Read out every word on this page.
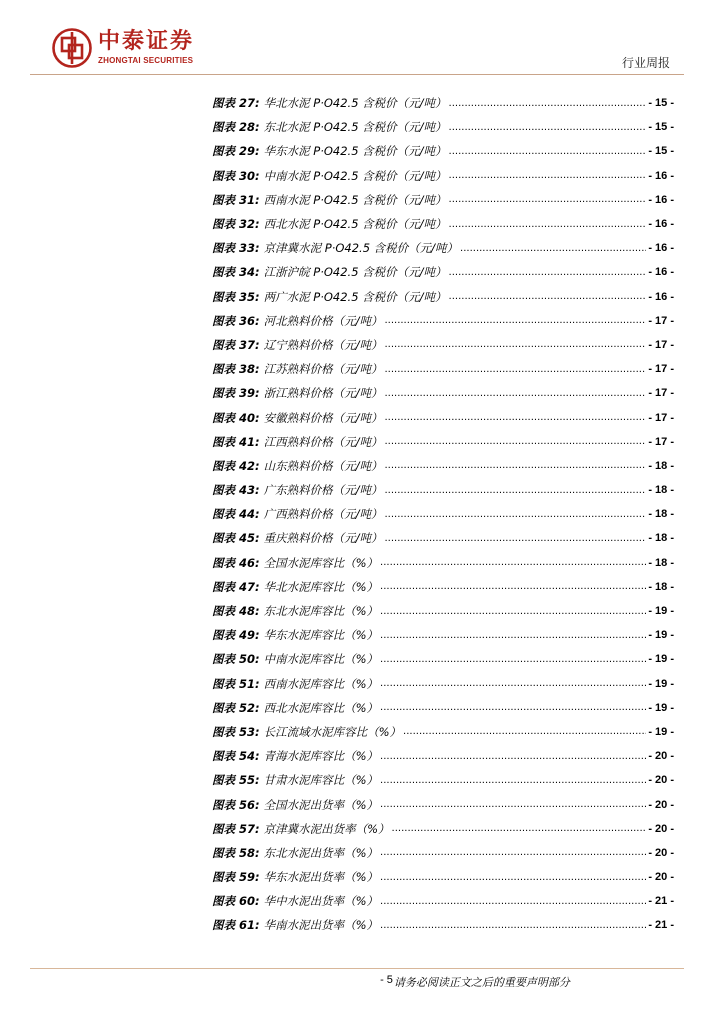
中泰证券
ZHONGTAI SECURITIES	行业周报
图表 27: 华北水泥 P·O42.5 含税价（元/吨） .....	- 15 -
图表 28: 东北水泥 P·O42.5 含税价（元/吨） .....	- 15 -
图表 29: 华东水泥 P·O42.5 含税价（元/吨） .....	- 15 -
图表 30: 中南水泥 P·O42.5 含税价（元/吨） .....	- 16 -
图表 31: 西南水泥 P·O42.5 含税价（元/吨） .....	- 16 -
图表 32: 西北水泥 P·O42.5 含税价（元/吨） .....	- 16 -
图表 33: 京津冀水泥 P·O42.5 含税价（元/吨） .....	- 16 -
图表 34: 江浙沪皖 P·O42.5 含税价（元/吨） .....	- 16 -
图表 35: 两广水泥 P·O42.5 含税价（元/吨） .....	- 16 -
图表 36: 河北熟料价格（元/吨） .....	- 17 -
图表 37: 辽宁熟料价格（元/吨） .....	- 17 -
图表 38: 江苏熟料价格（元/吨） .....	- 17 -
图表 39: 浙江熟料价格（元/吨） .....	- 17 -
图表 40: 安徽熟料价格（元/吨） .....	- 17 -
图表 41: 江西熟料价格（元/吨） .....	- 17 -
图表 42: 山东熟料价格（元/吨） .....	- 18 -
图表 43: 广东熟料价格（元/吨） .....	- 18 -
图表 44: 广西熟料价格（元/吨） .....	- 18 -
图表 45: 重庆熟料价格（元/吨） .....	- 18 -
图表 46: 全国水泥库容比（%） .....	- 18 -
图表 47: 华北水泥库容比（%） .....	- 18 -
图表 48: 东北水泥库容比（%） .....	- 19 -
图表 49: 华东水泥库容比（%） .....	- 19 -
图表 50: 中南水泥库容比（%） .....	- 19 -
图表 51: 西南水泥库容比（%） .....	- 19 -
图表 52: 西北水泥库容比（%） .....	- 19 -
图表 53: 长江流域水泥库容比（%） .....	- 19 -
图表 54: 青海水泥库容比（%） .....	- 20 -
图表 55: 甘肃水泥库容比（%） .....	- 20 -
图表 56: 全国水泥出货率（%） .....	- 20 -
图表 57: 京津冀水泥出货率（%） .....	- 20 -
图表 58: 东北水泥出货率（%） .....	- 20 -
图表 59: 华东水泥出货率（%） .....	- 20 -
图表 60: 华中水泥出货率（%） .....	- 21 -
图表 61: 华南水泥出货率（%） .....	- 21 -
- 5 请务必阅读正文之后的重要声明部分
